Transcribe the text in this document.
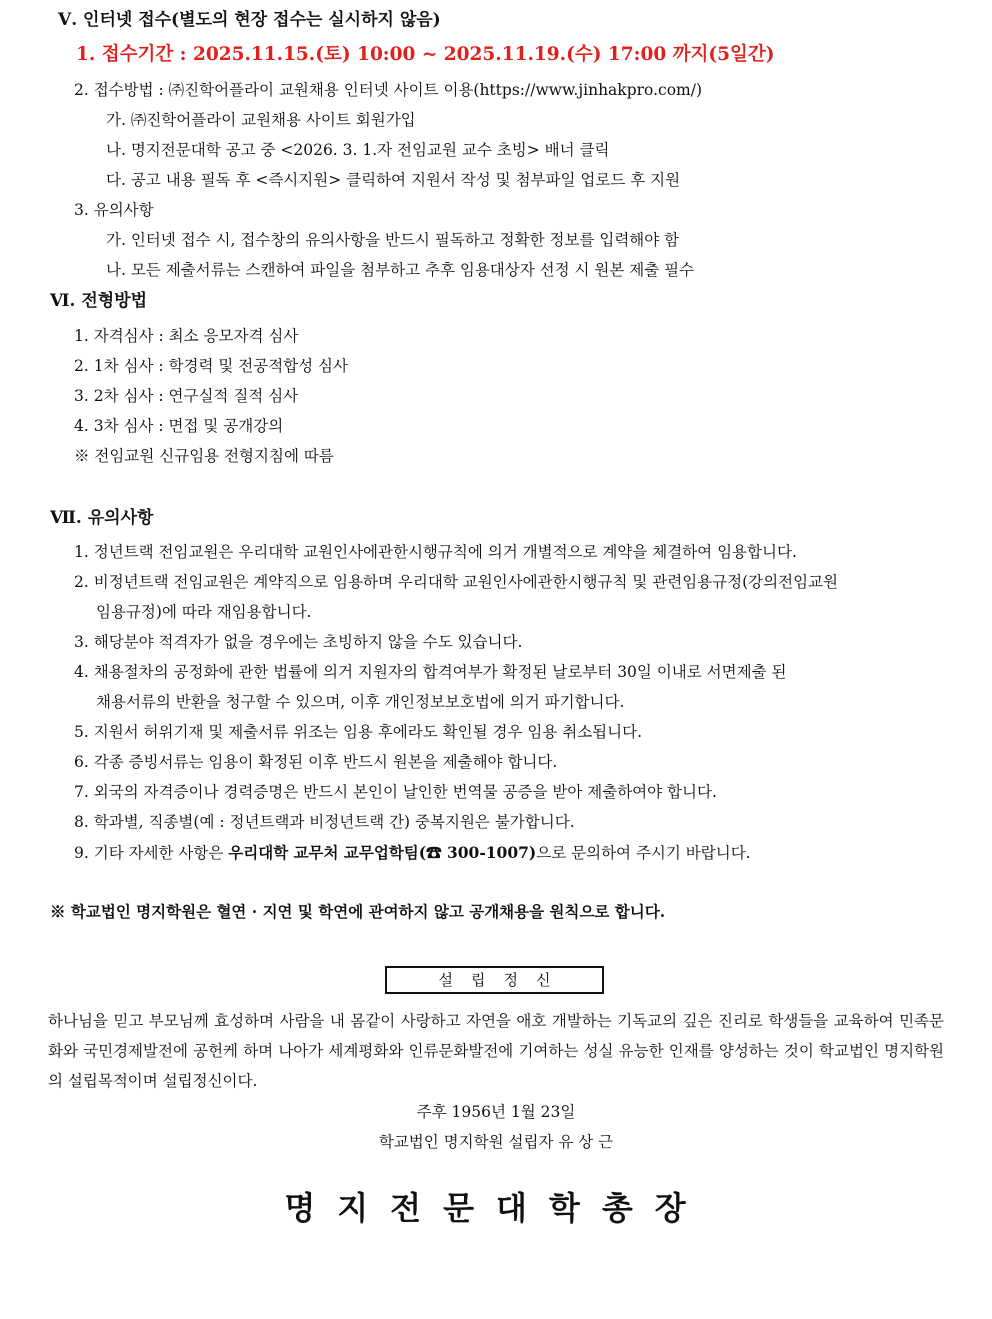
Ⅴ. 인터넷 접수(별도의 현장 접수는 실시하지 않음)
1. 접수기간 : 2025.11.15.(토) 10:00 ~ 2025.11.19.(수) 17:00 까지(5일간)
2. 접수방법 : ㈜진학어플라이 교원채용 인터넷 사이트 이용(https://www.jinhakpro.com/)
가. ㈜진학어플라이 교원채용 사이트 회원가입
나. 명지전문대학 공고 중 <2026. 3. 1.자 전임교원 교수 초빙> 배너 클릭
다. 공고 내용 필독 후 <즉시지원> 클릭하여 지원서 작성 및 첨부파일 업로드 후 지원
3. 유의사항
가. 인터넷 접수 시, 접수창의 유의사항을 반드시 필독하고 정확한 정보를 입력해야 함
나. 모든 제출서류는 스캔하여 파일을 첨부하고 추후 임용대상자 선정 시 원본 제출 필수
Ⅵ. 전형방법
1. 자격심사 : 최소 응모자격 심사
2. 1차 심사 : 학경력 및 전공적합성 심사
3. 2차 심사 : 연구실적 질적 심사
4. 3차 심사 : 면접 및 공개강의
※ 전임교원 신규임용 전형지침에 따름
Ⅶ. 유의사항
1. 정년트랙 전임교원은 우리대학 교원인사에관한시행규칙에 의거 개별적으로 계약을 체결하여 임용합니다.
2. 비정년트랙 전임교원은 계약직으로 임용하며 우리대학 교원인사에관한시행규칙 및 관련임용규정(강의전임교원
임용규정)에 따라 재임용합니다.
3. 해당분야 적격자가 없을 경우에는 초빙하지 않을 수도 있습니다.
4. 채용절차의 공정화에 관한 법률에 의거 지원자의 합격여부가 확정된 날로부터 30일 이내로 서면제출 된
채용서류의 반환을 청구할 수 있으며, 이후 개인정보보호법에 의거 파기합니다.
5. 지원서 허위기재 및 제출서류 위조는 임용 후에라도 확인될 경우 임용 취소됩니다.
6. 각종 증빙서류는 임용이 확정된 이후 반드시 원본을 제출해야 합니다.
7. 외국의 자격증이나 경력증명은 반드시 본인이 날인한 번역물 공증을 받아 제출하여야 합니다.
8. 학과별, 직종별(예 : 정년트랙과 비정년트랙 간) 중복지원은 불가합니다.
9. 기타 자세한 사항은 우리대학 교무처 교무업학팀(☎ 300-1007)으로 문의하여 주시기 바랍니다.
※ 학교법인 명지학원은 혈연 · 지연 및 학연에 관여하지 않고 공개채용을 원칙으로 합니다.
설립정신
하나님을 믿고 부모님께 효성하며 사람을 내 몸같이 사랑하고 자연을 애호 개발하는 기독교의 깊은 진리로 학생들을 교육하여 민족문화와 국민경제발전에 공헌케 하며 나아가 세계평화와 인류문화발전에 기여하는 성실 유능한 인재를 양성하는 것이 학교법인 명지학원의 설립목적이며 설립정신이다.
주후 1956년 1월 23일
학교법인 명지학원 설립자 유 상 근
명지전문대학총장
